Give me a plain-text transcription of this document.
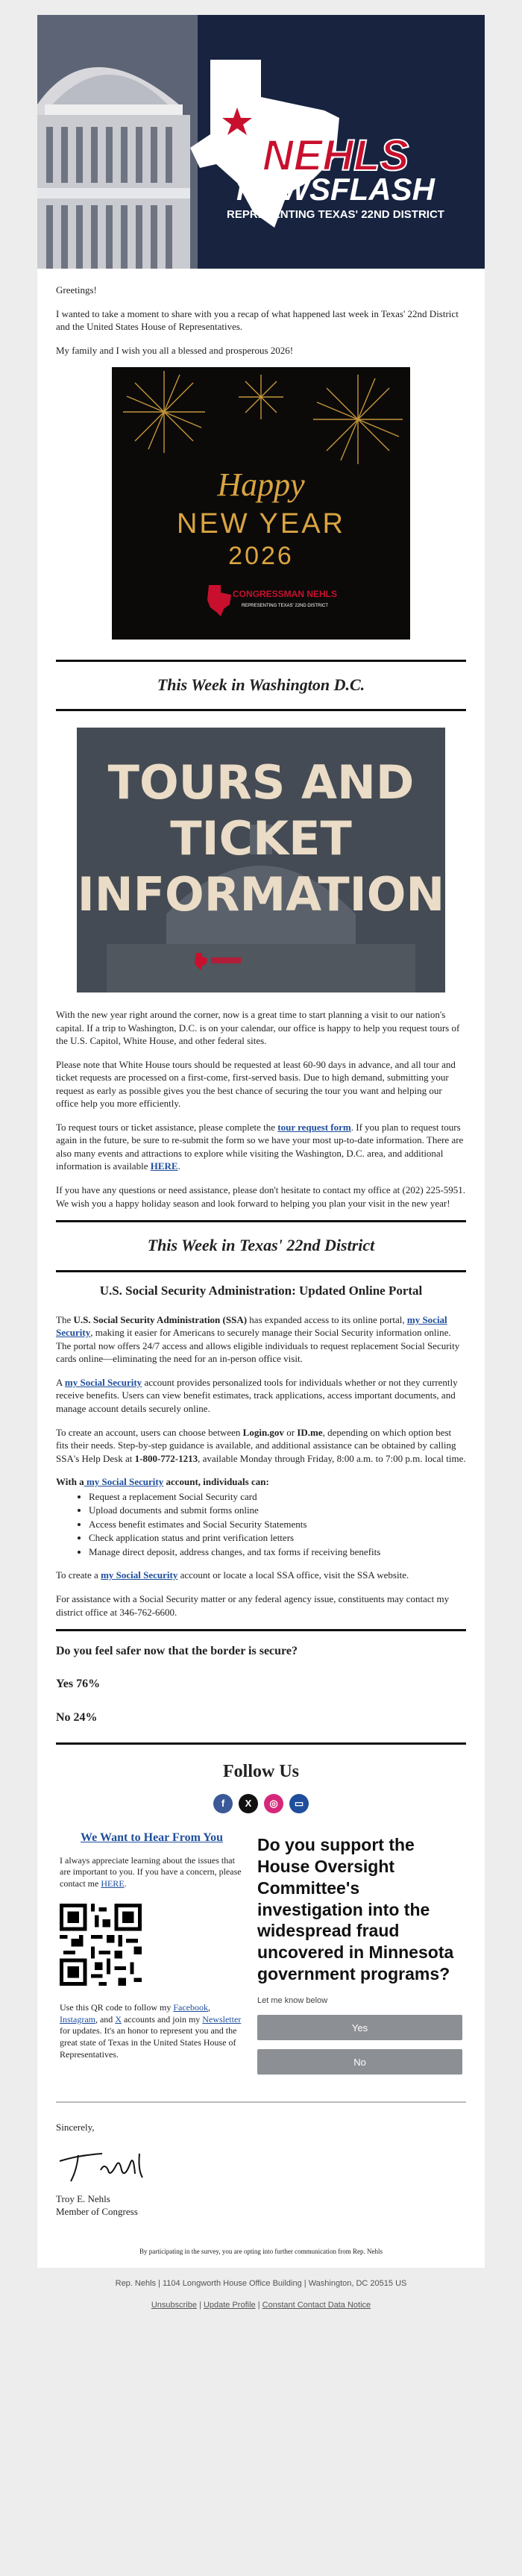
NEHLS
NEWSFLASH
REPRESENTING TEXAS' 22ND DISTRICT

Greetings!

I wanted to take a moment to share with you a recap of what happened last week in Texas' 22nd District and the United States House of Representatives.

My family and I wish you all a blessed and prosperous 2026!

Happy
NEW YEAR
2026
CONGRESSMAN NEHLS
REPRESENTING TEXAS' 22ND DISTRICT
This Week in Washington D.C.
TOURS AND
TICKET
INFORMATION

With the new year right around the corner, now is a great time to start planning a visit to our nation's capital. If a trip to Washington, D.C. is on your calendar, our office is happy to help you request tours of the U.S. Capitol, White House, and other federal sites.

Please note that White House tours should be requested at least 60-90 days in advance, and all tour and ticket requests are processed on a first-come, first-served basis. Due to high demand, submitting your request as early as possible gives you the best chance of securing the tour you want and helping our office help you more efficiently.

To request tours or ticket assistance, please complete the tour request form. If you plan to request tours again in the future, be sure to re-submit the form so we have your most up-to-date information. There are also many events and attractions to explore while visiting the Washington, D.C. area, and additional information is available HERE.

If you have any questions or need assistance, please don't hesitate to contact my office at (202) 225-5951. We wish you a happy holiday season and look forward to helping you plan your visit in the new year!

This Week in Texas' 22nd District
U.S. Social Security Administration: Updated Online Portal

The U.S. Social Security Administration (SSA) has expanded access to its online portal, my Social Security, making it easier for Americans to securely manage their Social Security information online. The portal now offers 24/7 access and allows eligible individuals to request replacement Social Security cards online—eliminating the need for an in-person office visit.

A my Social Security account provides personalized tools for individuals whether or not they currently receive benefits. Users can view benefit estimates, track applications, access important documents, and manage account details securely online.

To create an account, users can choose between Login.gov or ID.me, depending on which option best fits their needs. Step-by-step guidance is available, and additional assistance can be obtained by calling SSA's Help Desk at 1-800-772-1213, available Monday through Friday, 8:00 a.m. to 7:00 p.m. local time.

With a my Social Security account, individuals can:

• Request a replacement Social Security card
• Upload documents and submit forms online
• Access benefit estimates and Social Security Statements
• Check application status and print verification letters
• Manage direct deposit, address changes, and tax forms if receiving benefits

To create a my Social Security account or locate a local SSA office, visit the SSA website.

For assistance with a Social Security matter or any federal agency issue, constituents may contact my district office at 346-762-6600.

Do you feel safer now that the border is secure?
Yes 76%
No 24%
Follow Us
f	X	◎	▭
We Want to Hear From You

I always appreciate learning about the issues that are important to you. If you have a concern, please contact me HERE.

Use this QR code to follow my Facebook, Instagram, and X accounts and join my Newsletter for updates. It's an honor to represent you and the great state of Texas in the United States House of Representatives.

Do you support the House Oversight Committee's investigation into the widespread fraud uncovered in Minnesota government programs?

Let me know below

Yes
No

Sincerely,

Troy E. Nehls

Member of Congress

By participating in the survey, you are opting into further communication from Rep. Nehls

Rep. Nehls | 1104 Longworth House Office Building | Washington, DC 20515 US

Unsubscribe | Update Profile | Constant Contact Data Notice
